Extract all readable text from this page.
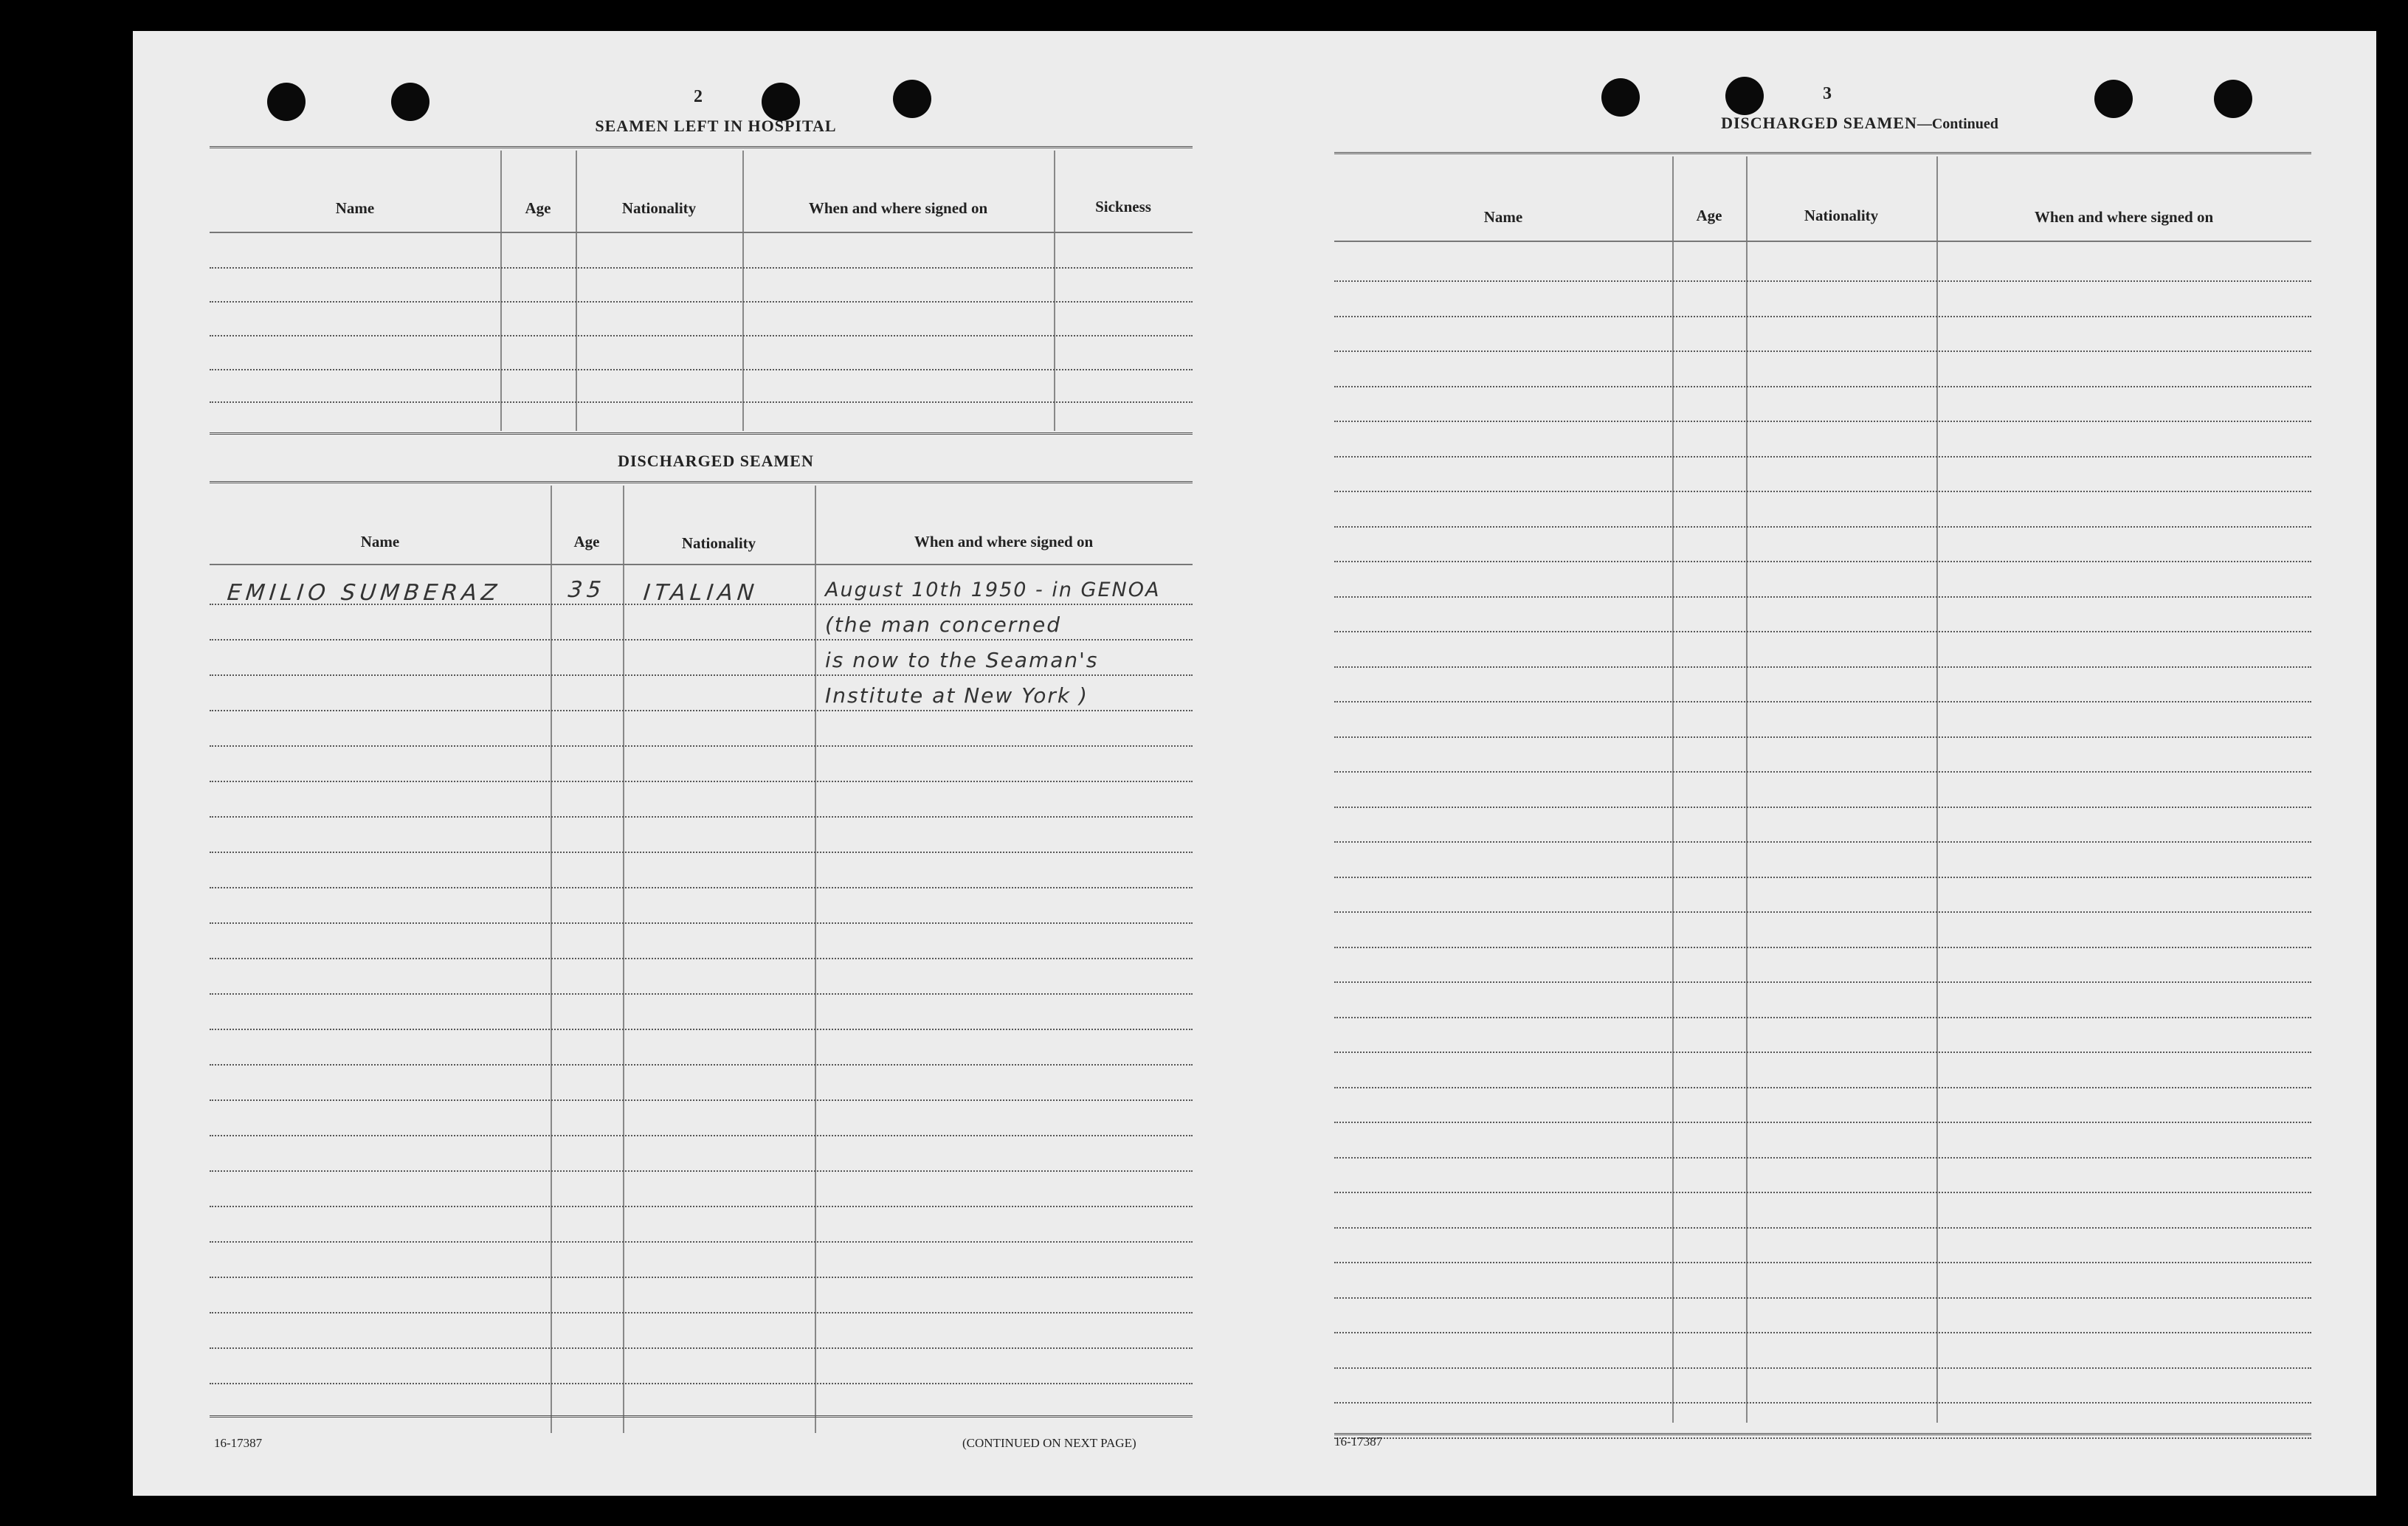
2
SEAMEN LEFT IN HOSPITAL
Name	Age	Nationality	When and where signed on	Sickness
DISCHARGED SEAMEN
Name	Age	Nationality	When and where signed on
EMILIO SUMBERAZ	35 ITALIAN	August 10th 1950 - in GENOA
(the man concerned
is now to the Seaman's
Institute at New York )
16-17387	(CONTINUED ON NEXT PAGE)
3
DISCHARGED SEAMEN—Continued
Name	Age	Nationality	When and where signed on
16-17387
